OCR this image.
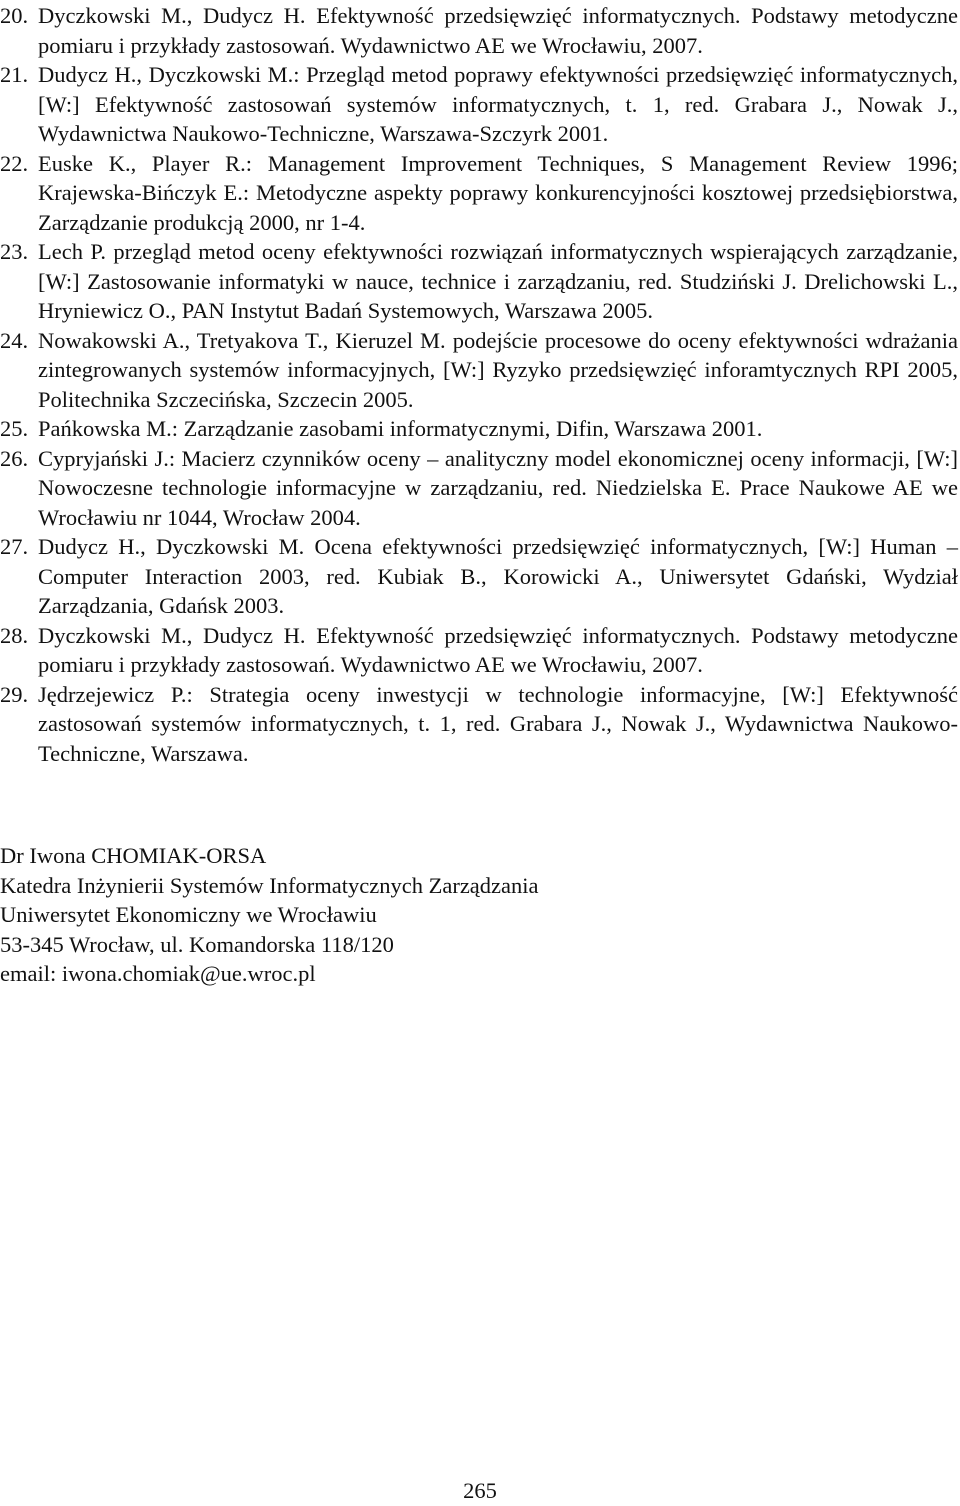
20. Dyczkowski M., Dudycz H. Efektywność przedsięwzięć informatycznych. Podstawy metodyczne pomiaru i przykłady zastosowań. Wydawnictwo AE we Wrocławiu, 2007.
21. Dudycz H., Dyczkowski M.: Przegląd metod poprawy efektywności przedsięwzięć informatycznych, [W:] Efektywność zastosowań systemów informatycznych, t. 1, red. Grabara J., Nowak J., Wydawnictwa Naukowo-Techniczne, Warszawa-Szczyrk 2001.
22. Euske K., Player R.: Management Improvement Techniques, S Management Review 1996; Krajewska-Bińczyk E.: Metodyczne aspekty poprawy konkurencyjności kosztowej przedsiębiorstwa, Zarządzanie produkcją 2000, nr 1-4.
23. Lech P. przegląd metod oceny efektywności rozwiązań informatycznych wspierających zarządzanie, [W:] Zastosowanie informatyki w nauce, technice i zarządzaniu, red. Studziński J. Drelichowski L., Hryniewicz O., PAN Instytut Badań Systemowych, Warszawa 2005.
24. Nowakowski A., Tretyakova T., Kieruzel M. podejście procesowe do oceny efektywności wdrażania zintegrowanych systemów informacyjnych, [W:] Ryzyko przedsięwzięć inforamtycznych RPI 2005, Politechnika Szczecińska, Szczecin 2005.
25. Pańkowska M.: Zarządzanie zasobami informatycznymi, Difin, Warszawa 2001.
26. Cypryjański J.: Macierz czynników oceny – analityczny model ekonomicznej oceny informacji, [W:] Nowoczesne technologie informacyjne w zarządzaniu, red. Niedzielska E. Prace Naukowe AE we Wrocławiu nr 1044, Wrocław 2004.
27. Dudycz H., Dyczkowski M. Ocena efektywności przedsięwzięć informatycznych, [W:] Human – Computer Interaction 2003, red. Kubiak B., Korowicki A., Uniwersytet Gdański, Wydział Zarządzania, Gdańsk 2003.
28. Dyczkowski M., Dudycz H. Efektywność przedsięwzięć informatycznych. Podstawy metodyczne pomiaru i przykłady zastosowań. Wydawnictwo AE we Wrocławiu, 2007.
29. Jędrzejewicz P.: Strategia oceny inwestycji w technologie informacyjne, [W:] Efektywność zastosowań systemów informatycznych, t. 1, red. Grabara J., Nowak J., Wydawnictwa Naukowo-Techniczne, Warszawa.
Dr Iwona CHOMIAK-ORSA
Katedra Inżynierii Systemów Informatycznych Zarządzania
Uniwersytet Ekonomiczny we Wrocławiu
53-345 Wrocław, ul. Komandorska 118/120
email: iwona.chomiak@ue.wroc.pl
265
